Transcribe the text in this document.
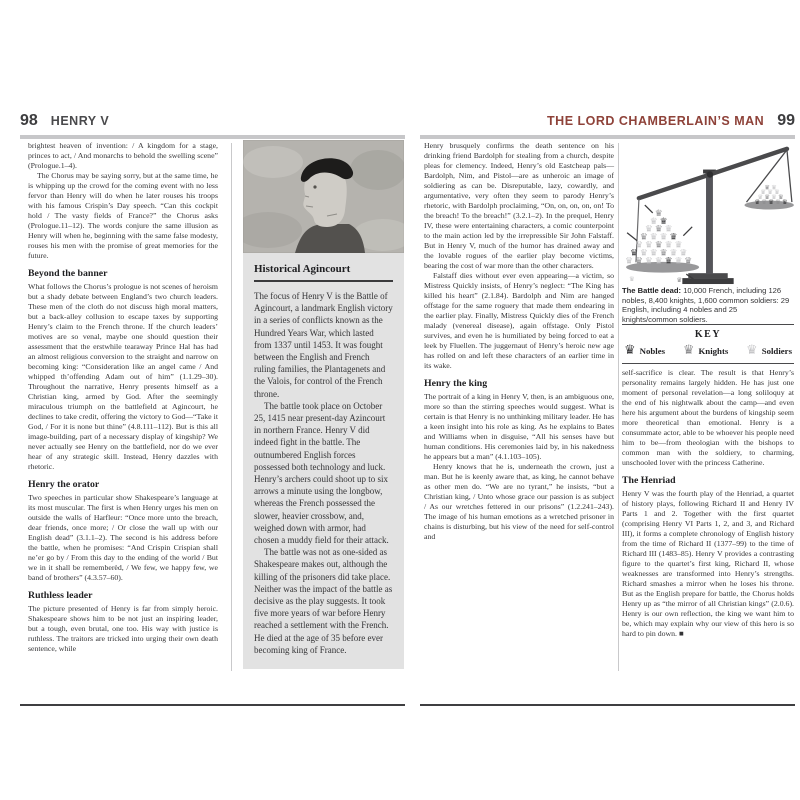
98 HENRY V

brightest heaven of invention: / A kingdom for a stage, princes to act, / And monarchs to behold the swelling scene” (Prologue.1–4).

The Chorus may be saying sorry, but at the same time, he is whipping up the crowd for the coming event with no less fervor than Henry will do when he later rouses his troops with his famous Crispin’s Day speech. “Can this cockpit hold / The vasty fields of France?” the Chorus asks (Prologue.11–12). The words conjure the same illusion as Henry will when he, beginning with the same false modesty, rouses his men with the promise of great memories for the future.

Beyond the banner

What follows the Chorus’s prologue is not scenes of heroism but a shady debate between England’s two church leaders. These men of the cloth do not discuss high moral matters, but a back-alley collusion to escape taxes by supporting Henry’s claim to the French throne. If the church leaders’ motives are so venal, maybe one should question their assessment that the erstwhile tearaway Prince Hal has had an almost religious conversion to the straight and narrow on becoming king: “Consideration like an angel came / And whipped th’offending Adam out of him” (1.1.29–30). Throughout the narrative, Henry presents himself as a Christian king, armed by God. After the seemingly miraculous triumph on the battlefield at Agincourt, he declines to take credit, offering the victory to God—“Take it God, / For it is none but thine” (4.8.111–112). But is this all image-building, part of a necessary display of kingship? We never actually see Henry on the battlefield, nor do we ever hear of any strategic skill. Instead, Henry dazzles with rhetoric.

Henry the orator

Two speeches in particular show Shakespeare’s language at its most muscular. The first is when Henry urges his men on outside the walls of Harfleur: “Once more unto the breach, dear friends, once more; / Or close the wall up with our English dead” (3.1.1–2). The second is his address before the battle, when he promises: “And Crispin Crispian shall ne’er go by / From this day to the ending of the world / But we in it shall be rememberèd, / We few, we happy few, we band of brothers” (4.3.57–60).

Ruthless leader

The picture presented of Henry is far from simply heroic. Shakespeare shows him to be not just an inspiring leader, but a tough, even brutal, one too. His way with justice is ruthless. The traitors are tricked into urging their own death sentence, while

Historical Agincourt

The focus of Henry V is the Battle of Agincourt, a landmark English victory in a series of conflicts known as the Hundred Years War, which lasted from 1337 until 1453. It was fought between the English and French ruling families, the Plantagenets and the Valois, for control of the French throne.

The battle took place on October 25, 1415 near present-day Azincourt in northern France. Henry V did indeed fight in the battle. The outnumbered English forces possessed both technology and luck. Henry’s archers could shoot up to six arrows a minute using the longbow, whereas the French possessed the slower, heavier crossbow, and, weighed down with armor, had chosen a muddy field for their attack.

The battle was not as one-sided as Shakespeare makes out, although the killing of the prisoners did take place. Neither was the impact of the battle as decisive as the play suggests. It took five more years of war before Henry reached a settlement with the French. He died at the age of 35 before ever becoming king of France.

THE LORD CHAMBERLAIN’S MAN 99

Henry brusquely confirms the death sentence on his drinking friend Bardolph for stealing from a church, despite pleas for clemency. Indeed, Henry’s old Eastcheap pals—Bardolph, Nim, and Pistol—are as unheroic an image of soldiering as can be. Disreputable, lazy, cowardly, and argumentative, very often they seem to parody Henry’s rhetoric, with Bardolph proclaiming, “On, on, on, on, on! To the breach! To the breach!” (3.2.1–2). In the prequel, Henry IV, these were entertaining characters, a comic counterpoint to the main action led by the irrepressible Sir John Falstaff. But in Henry V, much of the humor has drained away and the lovable rogues of the earlier play become victims, bearing the cost of war more than the other characters.

Falstaff dies without ever even appearing—a victim, so Mistress Quickly insists, of Henry’s neglect: “The King has killed his heart” (2.1.84). Bardolph and Nim are hanged offstage for the same roguery that made them endearing in the earlier play. Finally, Mistress Quickly dies of the French malady (venereal disease), again offstage. Only Pistol survives, and even he is humiliated by being forced to eat a leek by Fluellen. The juggernaut of Henry’s heroic new age has rolled on and left these characters of an earlier time in its wake.

Henry the king

The portrait of a king in Henry V, then, is an ambiguous one, more so than the stirring speeches would suggest. What is certain is that Henry is no unthinking military leader. He has a keen insight into his role as king. As he explains to Bates and Williams when in disguise, “All his senses have but human conditions. His ceremonies laid by, in his nakedness he appears but a man” (4.1.103–105).

Henry knows that he is, underneath the crown, just a man. But he is keenly aware that, as king, he cannot behave as other men do. “We are no tyrant,” he insists, “but a Christian king, / Unto whose grace our passion is as subject / As our wretches fettered in our prisons” (1.2.241–243). The image of his human emotions as a wretched prisoner in chains is disturbing, but his view of the need for self-control and

♛
♛ ♛
♛ ♛ ♛
♛ ♛ ♛ ♛
♛ ♛ ♛ ♛ ♛
♛ ♛ ♛ ♛ ♛ ♛
♛ ♛ ♛ ♛ ♛ ♛ ♛
♛	♛
♛ ♛
♛ ♛ ♛
♛ ♛ ♛ ♛
♛ ♛ ♛ ♛ ♛

The Battle dead: 10,000 French, including 126 nobles, 8,400 knights, 1,600 common soldiers: 29 English, including 4 nobles and 25 knights/common soldiers.

KEY
♛ Nobles ♛ Knights ♛ Soldiers

self-sacrifice is clear. The result is that Henry’s personality remains largely hidden. He has just one moment of personal revelation—a long soliloquy at the end of his nightwalk about the camp—and even here his argument about the burdens of kingship seem more theoretical than emotional. Henry is a consummate actor, able to be whoever his people need him to be—from theologian with the bishops to common man with the soldiery, to charming, unschooled lover with the princess Catherine.

The Henriad

Henry V was the fourth play of the Henriad, a quartet of history plays, following Richard II and Henry IV Parts 1 and 2. Together with the first quartet (comprising Henry VI Parts 1, 2, and 3, and Richard III), it forms a complete chronology of English history from the time of Richard II (1377–99) to the time of Richard III (1483–85). Henry V provides a contrasting figure to the quartet’s first king, Richard II, whose weaknesses are transformed into Henry’s strengths. Richard smashes a mirror when he loses his throne. But as the English prepare for battle, the Chorus holds Henry up as “the mirror of all Christian kings” (2.0.6). Henry is our own reflection, the king we want him to be, which may explain why our view of this hero is so hard to pin down. ■
